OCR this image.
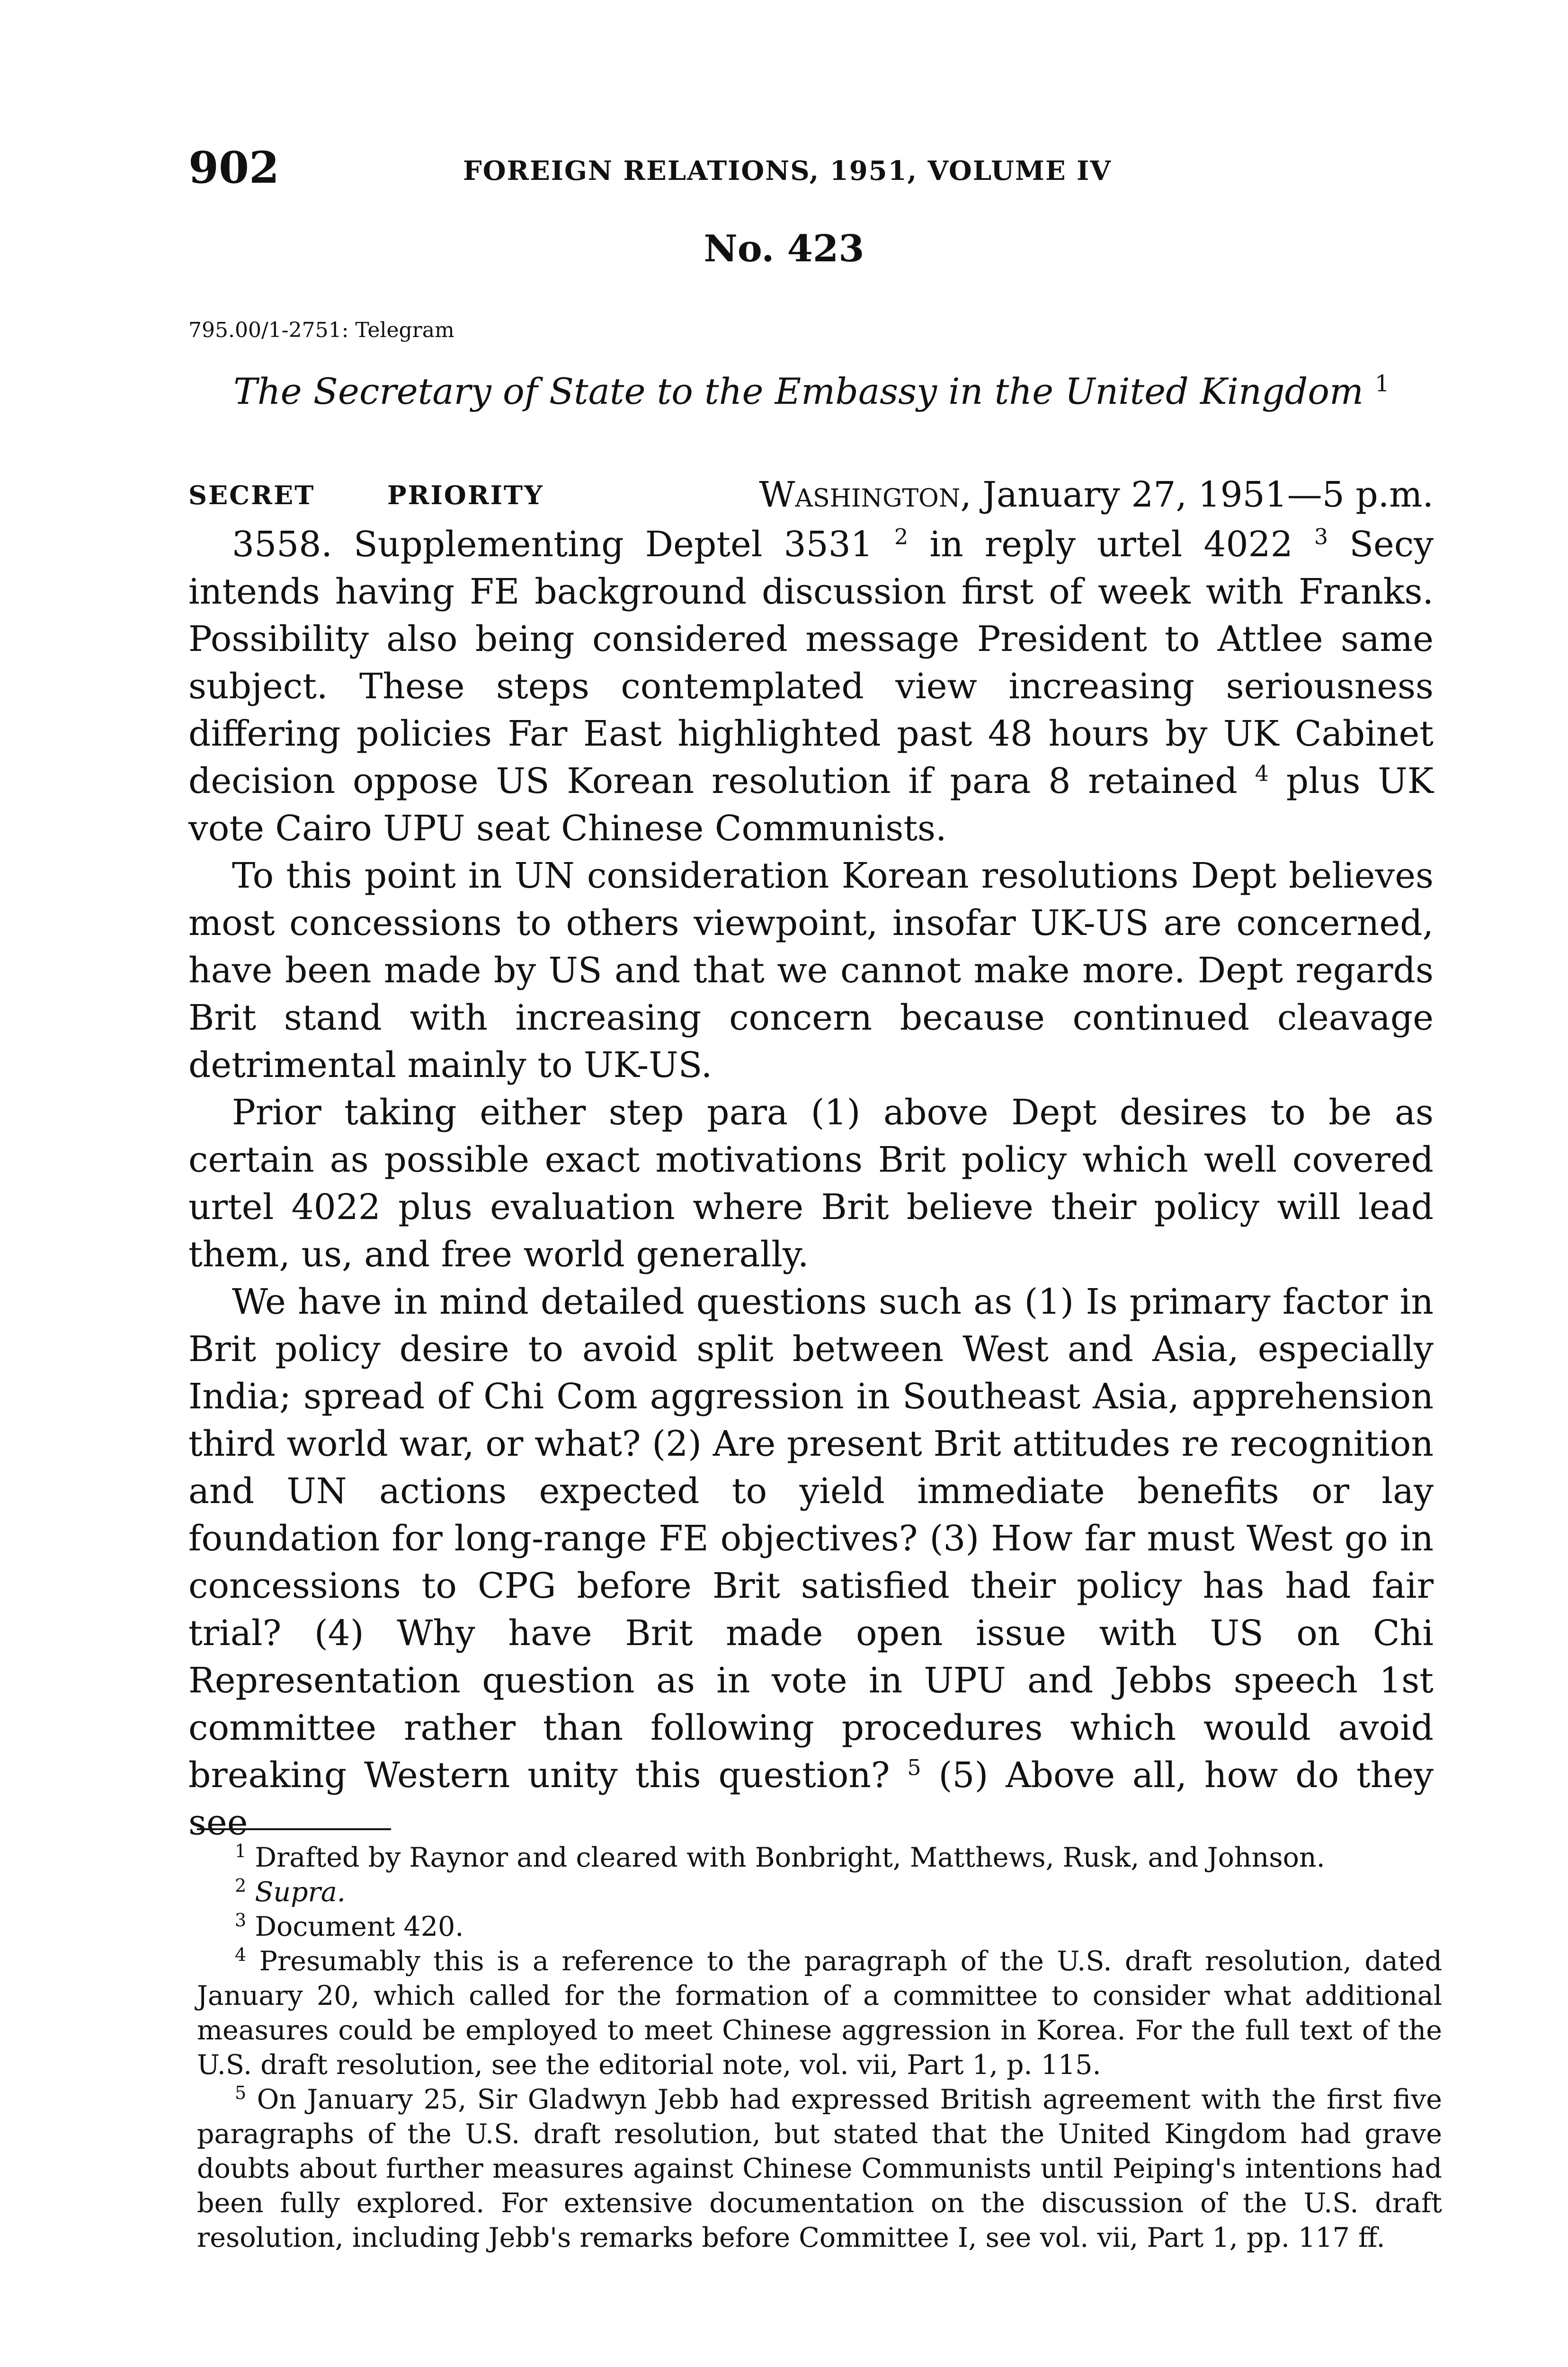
902	FOREIGN RELATIONS, 1951, VOLUME IV
No. 423
795.00/1-2751: Telegram
The Secretary of State to the Embassy in the United Kingdom $^1$
SECRET	PRIORITY	Washington, January 27, 1951—5 p.m.

3558. Supplementing Deptel 3531 $^2$ in reply urtel 4022 $^3$ Secy intends having FE background discussion first of week with Franks. Possibility also being considered message President to Attlee same subject. These steps contemplated view increasing seriousness differing policies Far East highlighted past 48 hours by UK Cabinet decision oppose US Korean resolution if para 8 retained $^4$ plus UK vote Cairo UPU seat Chinese Communists.

To this point in UN consideration Korean resolutions Dept believes most concessions to others viewpoint, insofar UK-US are concerned, have been made by US and that we cannot make more. Dept regards Brit stand with increasing concern because continued cleavage detrimental mainly to UK-US.

Prior taking either step para (1) above Dept desires to be as certain as possible exact motivations Brit policy which well covered urtel 4022 plus evaluation where Brit believe their policy will lead them, us, and free world generally.

We have in mind detailed questions such as (1) Is primary factor in Brit policy desire to avoid split between West and Asia, especially India; spread of Chi Com aggression in Southeast Asia, apprehension third world war, or what? (2) Are present Brit attitudes re recognition and UN actions expected to yield immediate benefits or lay foundation for long-range FE objectives? (3) How far must West go in concessions to CPG before Brit satisfied their policy has had fair trial? (4) Why have Brit made open issue with US on Chi Representation question as in vote in UPU and Jebbs speech 1st committee rather than following procedures which would avoid breaking Western unity this question? $^5$ (5) Above all, how do they see

$^1$ Drafted by Raynor and cleared with Bonbright, Matthews, Rusk, and Johnson.

$^2$ Supra.

$^3$ Document 420.

$^4$ Presumably this is a reference to the paragraph of the U.S. draft resolution, dated January 20, which called for the formation of a committee to consider what additional measures could be employed to meet Chinese aggression in Korea. For the full text of the U.S. draft resolution, see the editorial note, vol. vii, Part 1, p. 115.

$^5$ On January 25, Sir Gladwyn Jebb had expressed British agreement with the first five paragraphs of the U.S. draft resolution, but stated that the United Kingdom had grave doubts about further measures against Chinese Communists until Peiping's intentions had been fully explored. For extensive documentation on the discussion of the U.S. draft resolution, including Jebb's remarks before Committee I, see vol. vii, Part 1, pp. 117 ff.
